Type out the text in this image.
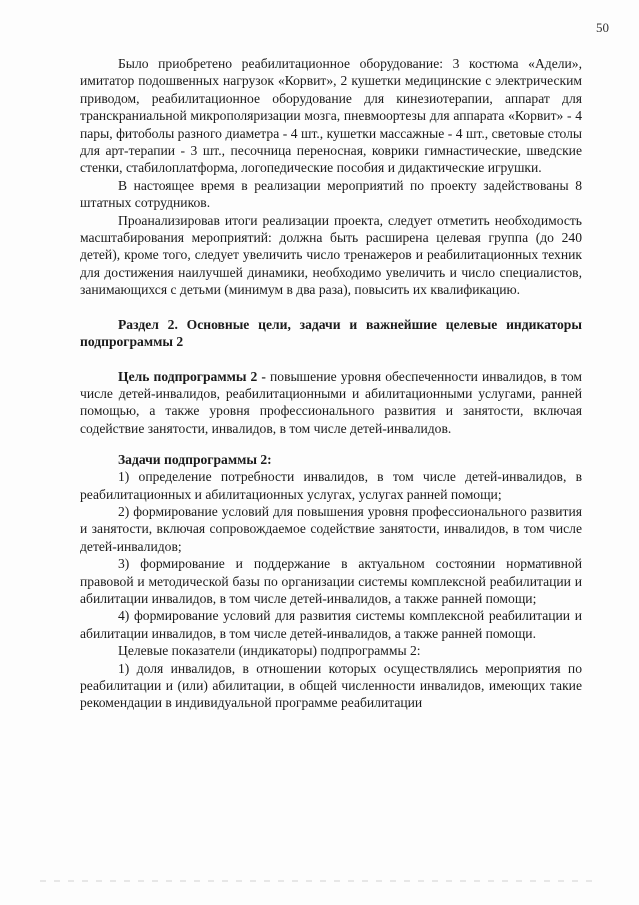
50

Было приобретено реабилитационное оборудование: 3 костюма «Адели», имитатор подошвенных нагрузок «Корвит», 2 кушетки медицинские с электрическим приводом, реабилитационное оборудование для кинезиотерапии, аппарат для транскраниальной микрополяризации мозга, пневмоортезы для аппарата «Корвит» - 4 пары, фитоболы разного диаметра - 4 шт., кушетки массажные - 4 шт., световые столы для арт-терапии - 3 шт., песочница переносная, коврики гимнастические, шведские стенки, стабилоплатформа, логопедические пособия и дидактические игрушки.

В настоящее время в реализации мероприятий по проекту задействованы 8 штатных сотрудников.

Проанализировав итоги реализации проекта, следует отметить необходимость масштабирования мероприятий: должна быть расширена целевая группа (до 240 детей), кроме того, следует увеличить число тренажеров и реабилитационных техник для достижения наилучшей динамики, необходимо увеличить и число специалистов, занимающихся с детьми (минимум в два раза), повысить их квалификацию.

Раздел 2. Основные цели, задачи и важнейшие целевые индикаторы подпрограммы 2

Цель подпрограммы 2 - повышение уровня обеспеченности инвалидов, в том числе детей-инвалидов, реабилитационными и абилитационными услугами, ранней помощью, а также уровня профессионального развития и занятости, включая содействие занятости, инвалидов, в том числе детей-инвалидов.

Задачи подпрограммы 2:

1) определение потребности инвалидов, в том числе детей-инвалидов, в реабилитационных и абилитационных услугах, услугах ранней помощи;

2) формирование условий для повышения уровня профессионального развития и занятости, включая сопровождаемое содействие занятости, инвалидов, в том числе детей-инвалидов;

3) формирование и поддержание в актуальном состоянии нормативной правовой и методической базы по организации системы комплексной реабилитации и абилитации инвалидов, в том числе детей-инвалидов, а также ранней помощи;

4) формирование условий для развития системы комплексной реабилитации и абилитации инвалидов, в том числе детей-инвалидов, а также ранней помощи.

Целевые показатели (индикаторы) подпрограммы 2:

1) доля инвалидов, в отношении которых осуществлялись мероприятия по реабилитации и (или) абилитации, в общей численности инвалидов, имеющих такие рекомендации в индивидуальной программе реабилитации
